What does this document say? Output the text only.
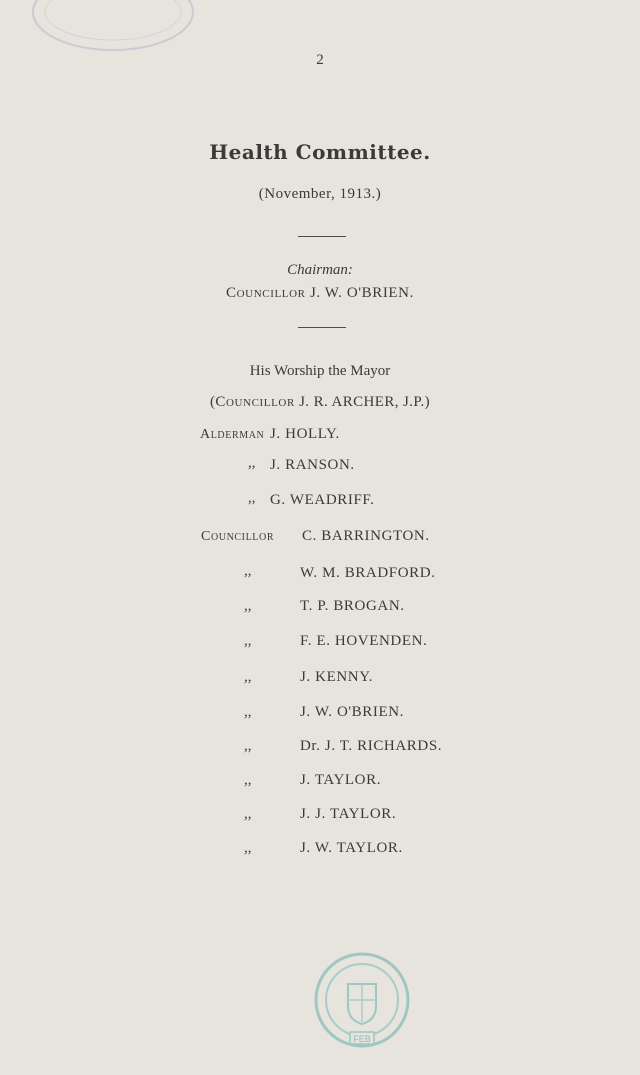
2
Health Committee.
(November, 1913.)
Chairman:
Councillor J. W. O'BRIEN.
His Worship the Mayor
(Councillor J. R. ARCHER, J.P.)
Alderman J. HOLLY.
,, J. RANSON.
,, G. WEADRIFF.
Councillor C. BARRINGTON.
,,	W. M. BRADFORD.
,,	T. P. BROGAN.
,,	F. E. HOVENDEN.
,,	J. KENNY.
,,	J. W. O'BRIEN.
,,	Dr. J. T. RICHARDS.
,,	J. TAYLOR.
,,	J. J. TAYLOR.
,,	J. W. TAYLOR.
FEB
